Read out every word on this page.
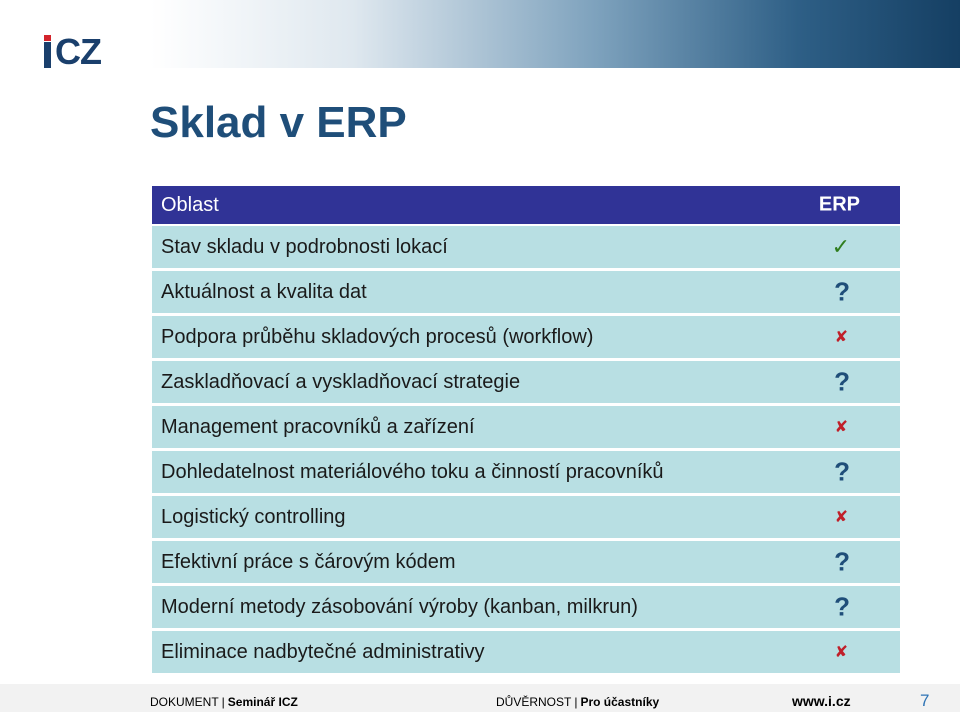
CZ
Sklad v ERP
Oblast	ERP
Stav skladu v podrobnosti lokací	✓
Aktuálnost a kvalita dat	?
Podpora průběhu skladových procesů (workflow)	✘
Zaskladňovací a vyskladňovací strategie	?
Management pracovníků a zařízení	✘
Dohledatelnost materiálového toku a činností pracovníků	?
Logistický controlling	✘
Efektivní práce s čárovým kódem	?
Moderní metody zásobování výroby (kanban, milkrun)	?
Eliminace nadbytečné administrativy	✘
DOKUMENT | Seminář ICZ	DŮVĚRNOST | Pro účastníky	www.i.cz	7
